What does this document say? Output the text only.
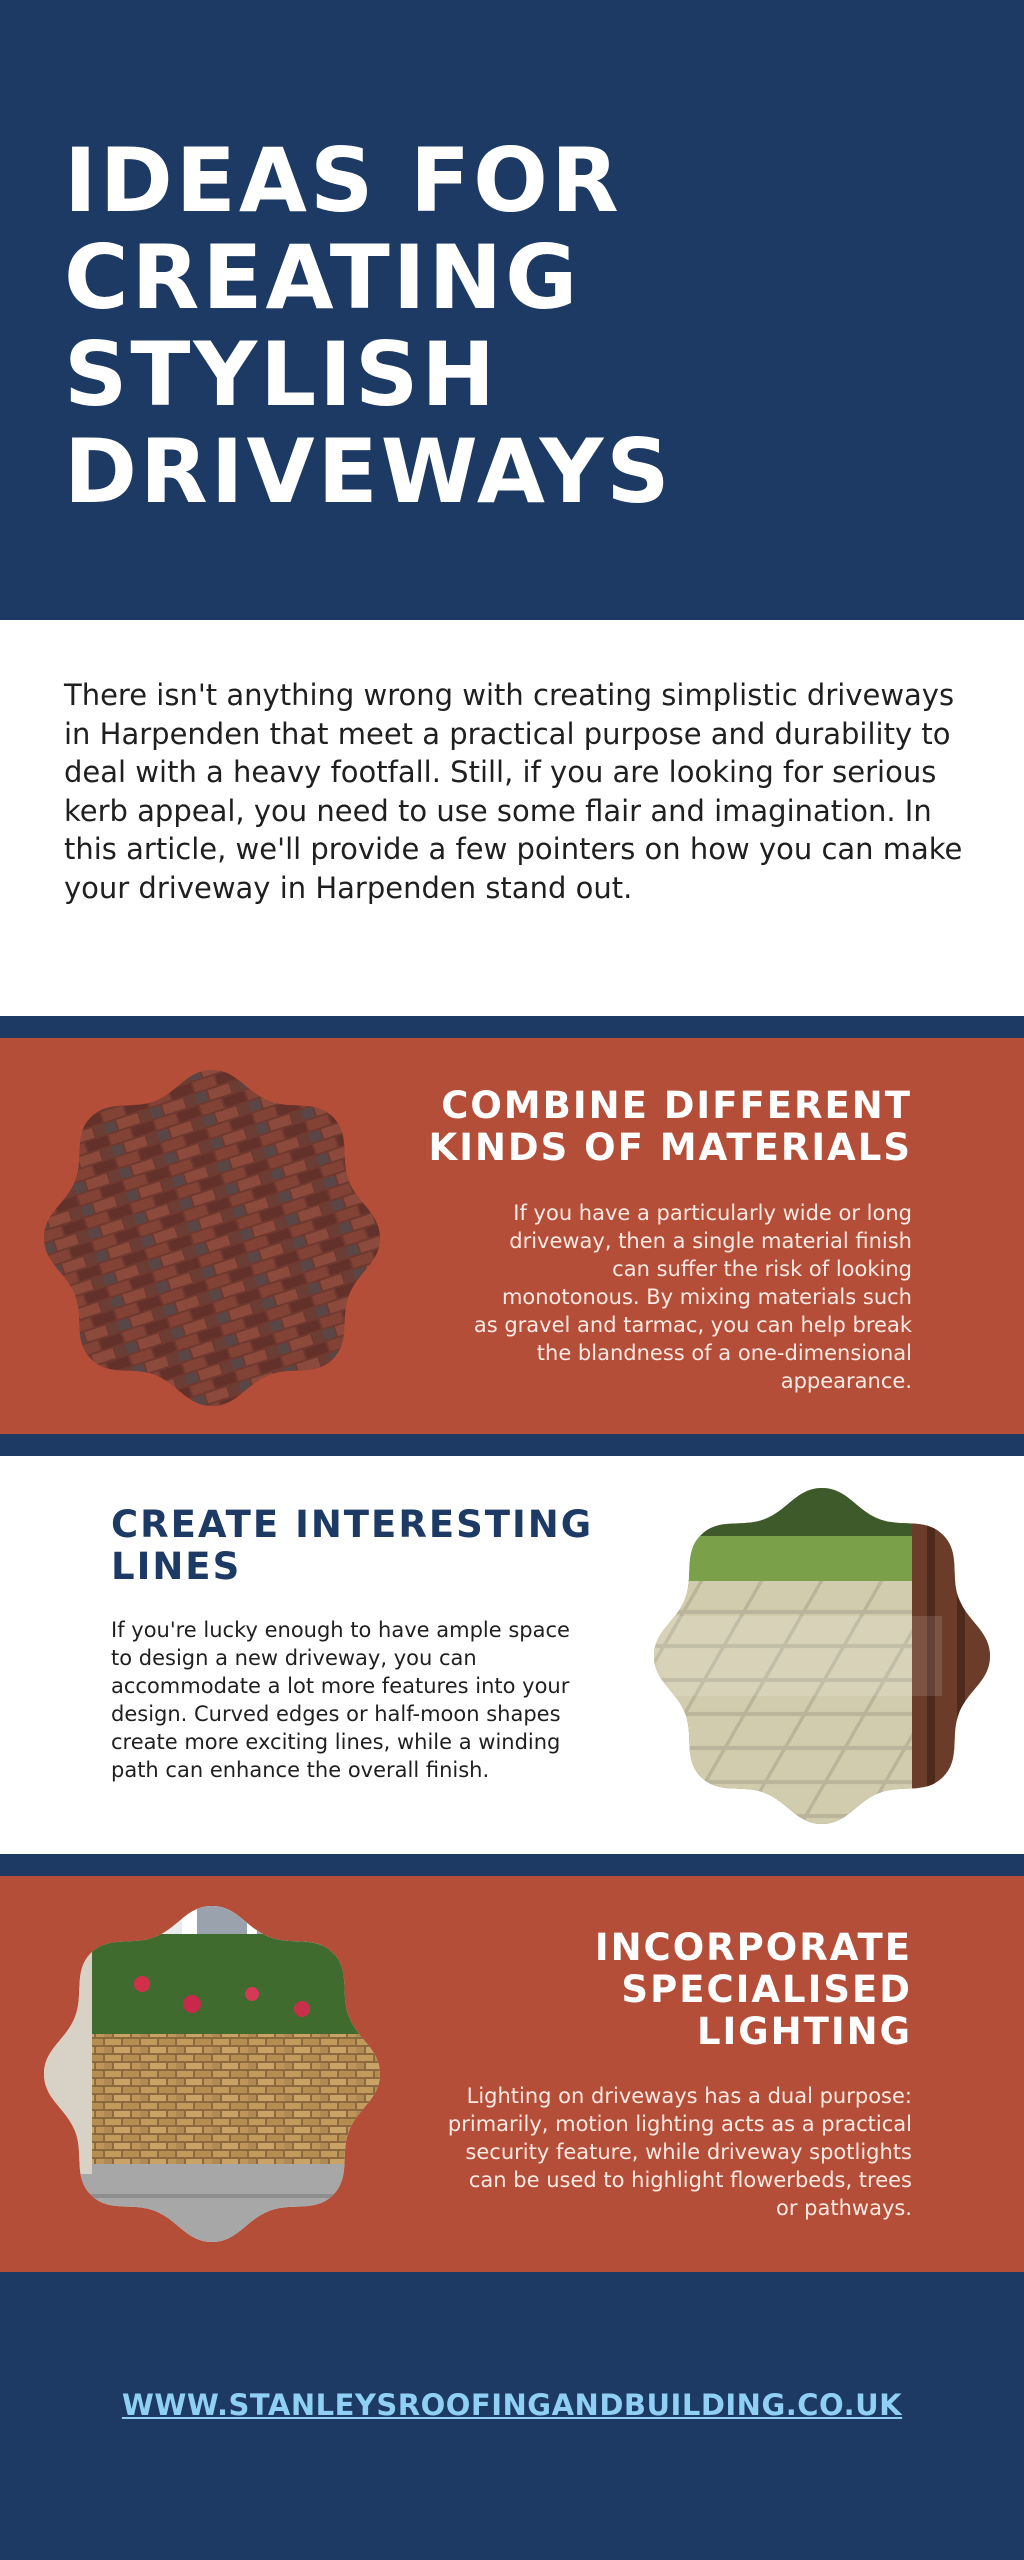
IDEAS FOR CREATING STYLISH DRIVEWAYS

There isn't anything wrong with creating simplistic driveways in Harpenden that meet a practical purpose and durability to deal with a heavy footfall. Still, if you are looking for serious kerb appeal, you need to use some flair and imagination. In this article, we'll provide a few pointers on how you can make your driveway in Harpenden stand out.

COMBINE DIFFERENT KINDS OF MATERIALS

If you have a particularly wide or long driveway, then a single material finish can suffer the risk of looking monotonous. By mixing materials such as gravel and tarmac, you can help break the blandness of a one-dimensional appearance.

CREATE INTERESTING LINES

If you're lucky enough to have ample space to design a new driveway, you can accommodate a lot more features into your design. Curved edges or half-moon shapes create more exciting lines, while a winding path can enhance the overall finish.

INCORPORATE SPECIALISED LIGHTING

Lighting on driveways has a dual purpose: primarily, motion lighting acts as a practical security feature, while driveway spotlights can be used to highlight flowerbeds, trees or pathways.

WWW.STANLEYSROOFINGANDBUILDING.CO.UK
